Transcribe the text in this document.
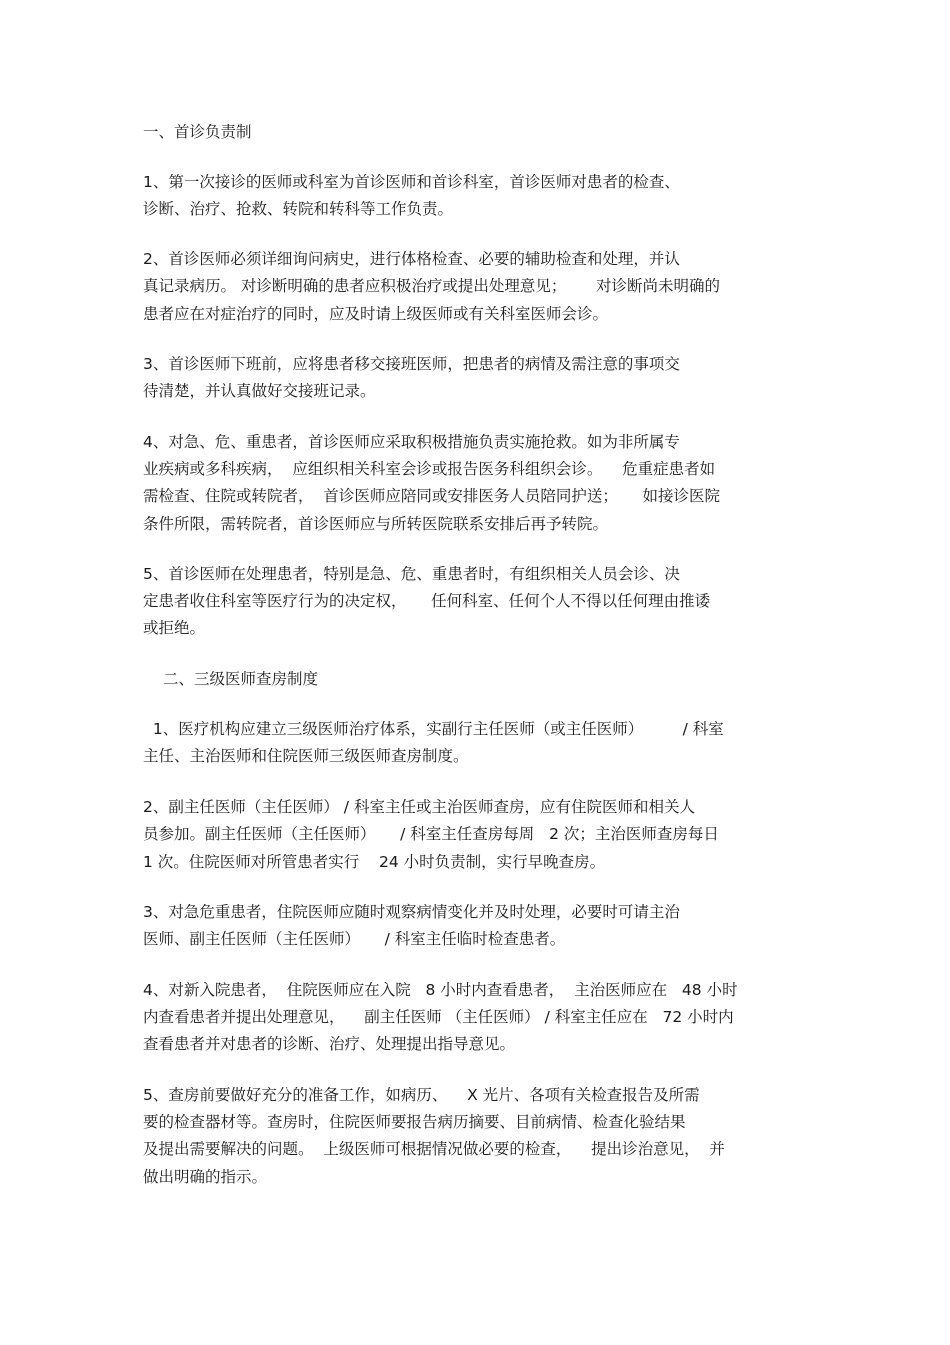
一、首诊负责制

1、第一次接诊的医师或科室为首诊医师和首诊科室，首诊医师对患者的检查、

诊断、治疗、抢救、转院和转科等工作负责。

2、首诊医师必须详细询问病史，进行体格检查、必要的辅助检查和处理，并认

真记录病历。 对诊断明确的患者应积极治疗或提出处理意见；      对诊断尚未明确的

患者应在对症治疗的同时，应及时请上级医师或有关科室医师会诊。

3、首诊医师下班前，应将患者移交接班医师，把患者的病情及需注意的事项交

待清楚，并认真做好交接班记录。

4、对急、危、重患者，首诊医师应采取积极措施负责实施抢救。如为非所属专

业疾病或多科疾病，  应组织相关科室会诊或报告医务科组织会诊。    危重症患者如

需检查、住院或转院者，  首诊医师应陪同或安排医务人员陪同护送；     如接诊医院

条件所限，需转院者，首诊医师应与所转医院联系安排后再予转院。

5、首诊医师在处理患者，特别是急、危、重患者时，有组织相关人员会诊、决

定患者收住科室等医疗行为的决定权，     任何科室、任何个人不得以任何理由推诿

或拒绝。

二、三级医师查房制度

1、医疗机构应建立三级医师治疗体系，实副行主任医师（或主任医师）        / 科室

主任、主治医师和住院医师三级医师查房制度。

2、副主任医师（主任医师） / 科室主任或主治医师查房，应有住院医师和相关人

员参加。副主任医师（主任医师）     / 科室主任查房每周   2 次；主治医师查房每日

1 次。住院医师对所管患者实行    24 小时负责制，实行早晚查房。

3、对急危重患者，住院医师应随时观察病情变化并及时处理，必要时可请主治

医师、副主任医师（主任医师）     / 科室主任临时检查患者。

4、对新入院患者，  住院医师应在入院   8 小时内查看患者，  主治医师应在   48 小时

内查看患者并提出处理意见，    副主任医师 （主任医师） / 科室主任应在   72 小时内

查看患者并对患者的诊断、治疗、处理提出指导意见。

5、查房前要做好充分的准备工作，如病历、    X 光片、各项有关检查报告及所需

要的检查器材等。查房时，住院医师要报告病历摘要、目前病情、检查化验结果

及提出需要解决的问题。  上级医师可根据情况做必要的检查，    提出诊治意见，  并

做出明确的指示。
